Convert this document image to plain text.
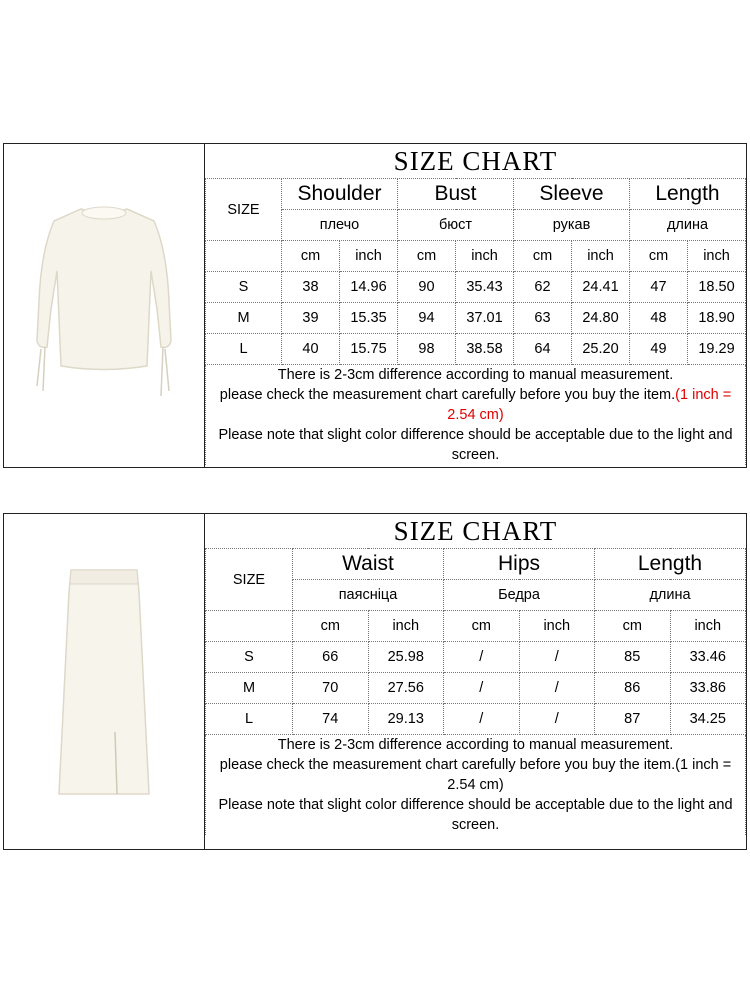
SIZE CHART								
SIZE	Shoulder		Bust		Sleeve		Length	
	плечо		бюст		рукав		длина	
	cm	inch	cm	inch	cm	inch	cm	inch
S	38	14.96	90	35.43	62	24.41	47	18.50
M	39	15.35	94	37.01	63	24.80	48	18.90
L	40	15.75	98	38.58	64	25.20	49	19.29
There is 2-3cm difference according to manual measurement.
please check the measurement chart carefully before you buy the item.(1 inch = 2.54 cm)
Please note that slight color difference should be acceptable due to the light and screen.								
SIZE CHART						
SIZE	Waist		Hips		Length	
	паясніца		Бедра		длина	
	cm	inch	cm	inch	cm	inch
S	66	25.98	/	/	85	33.46
M	70	27.56	/	/	86	33.86
L	74	29.13	/	/	87	34.25
There is 2-3cm difference according to manual measurement.
please check the measurement chart carefully before you buy the item.(1 inch = 2.54 cm)
Please note that slight color difference should be acceptable due to the light and screen.						
